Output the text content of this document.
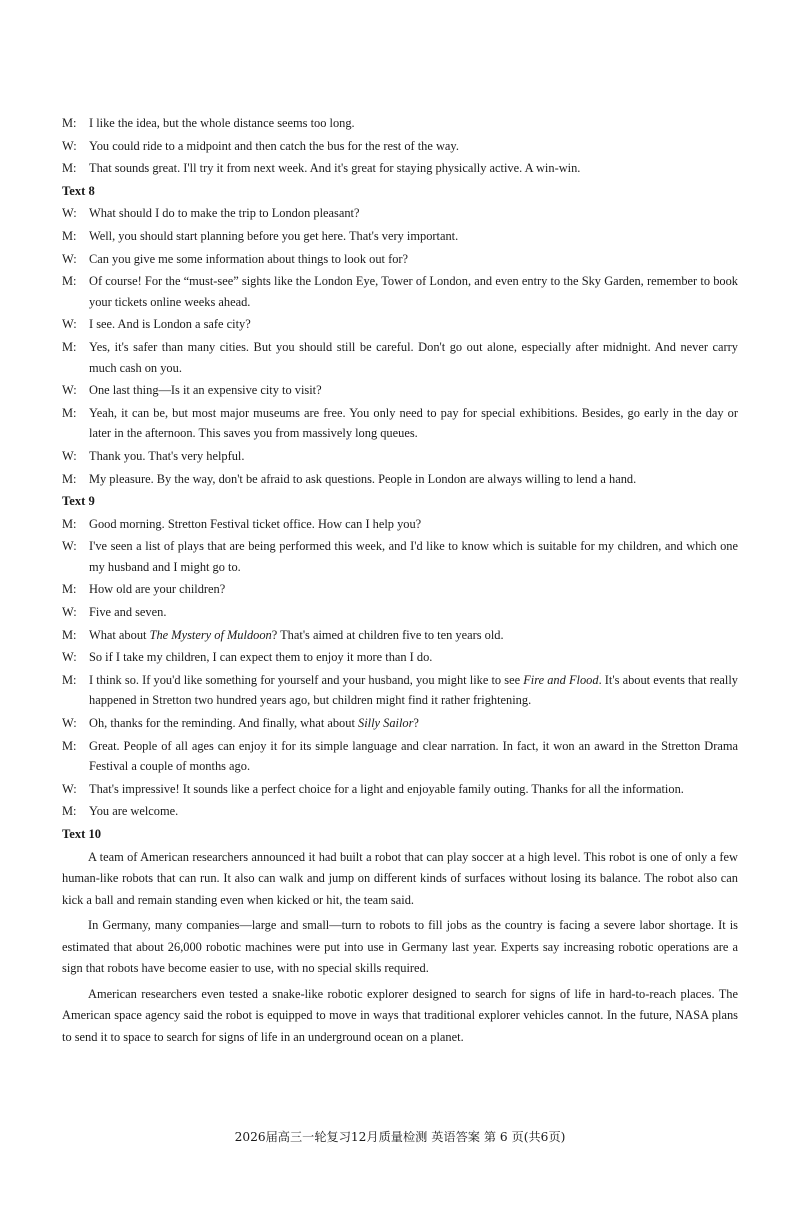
M: I like the idea, but the whole distance seems too long.
W: You could ride to a midpoint and then catch the bus for the rest of the way.
M: That sounds great. I'll try it from next week. And it's great for staying physically active. A win-win.
Text 8
W: What should I do to make the trip to London pleasant?
M: Well, you should start planning before you get here. That's very important.
W: Can you give me some information about things to look out for?
M: Of course! For the “must-see” sights like the London Eye, Tower of London, and even entry to the Sky Garden, remember to book your tickets online weeks ahead.
W: I see. And is London a safe city?
M: Yes, it's safer than many cities. But you should still be careful. Don't go out alone, especially after midnight. And never carry much cash on you.
W: One last thing—Is it an expensive city to visit?
M: Yeah, it can be, but most major museums are free. You only need to pay for special exhibitions. Besides, go early in the day or later in the afternoon. This saves you from massively long queues.
W: Thank you. That's very helpful.
M: My pleasure. By the way, don't be afraid to ask questions. People in London are always willing to lend a hand.
Text 9
M: Good morning. Stretton Festival ticket office. How can I help you?
W: I've seen a list of plays that are being performed this week, and I'd like to know which is suitable for my children, and which one my husband and I might go to.
M: How old are your children?
W: Five and seven.
M: What about The Mystery of Muldoon? That's aimed at children five to ten years old.
W: So if I take my children, I can expect them to enjoy it more than I do.
M: I think so. If you'd like something for yourself and your husband, you might like to see Fire and Flood. It's about events that really happened in Stretton two hundred years ago, but children might find it rather frightening.
W: Oh, thanks for the reminding. And finally, what about Silly Sailor?
M: Great. People of all ages can enjoy it for its simple language and clear narration. In fact, it won an award in the Stretton Drama Festival a couple of months ago.
W: That's impressive! It sounds like a perfect choice for a light and enjoyable family outing. Thanks for all the information.
M: You are welcome.
Text 10
A team of American researchers announced it had built a robot that can play soccer at a high level. This robot is one of only a few human-like robots that can run. It also can walk and jump on different kinds of surfaces without losing its balance. The robot also can kick a ball and remain standing even when kicked or hit, the team said.
In Germany, many companies—large and small—turn to robots to fill jobs as the country is facing a severe labor shortage. It is estimated that about 26,000 robotic machines were put into use in Germany last year. Experts say increasing robotic operations are a sign that robots have become easier to use, with no special skills required.
American researchers even tested a snake-like robotic explorer designed to search for signs of life in hard-to-reach places. The American space agency said the robot is equipped to move in ways that traditional explorer vehicles cannot. In the future, NASA plans to send it to space to search for signs of life in an underground ocean on a planet.
2026届高三一轮复习12月质量检测 英语答案 第 6 页(共6页)
